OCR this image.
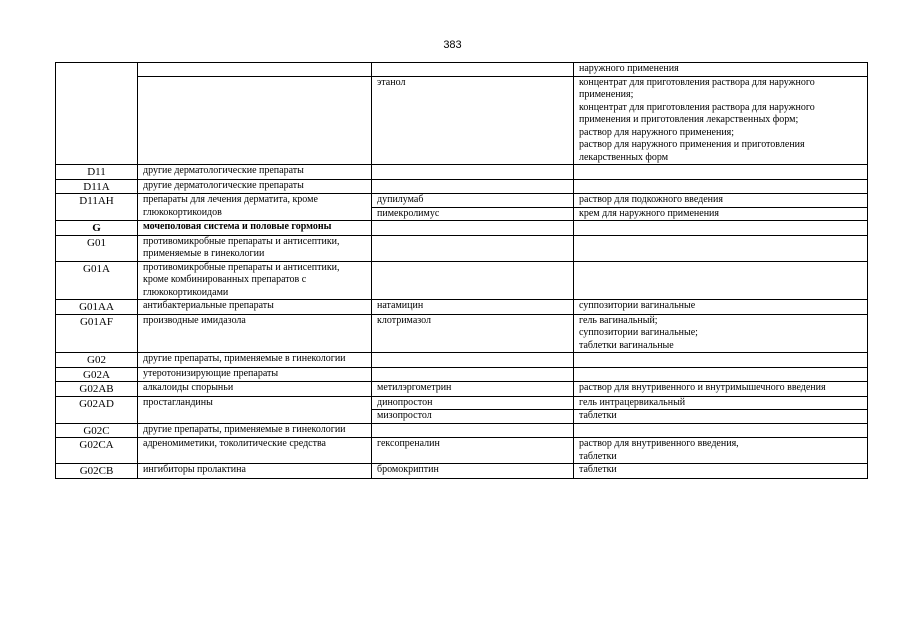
383

			наружного применения

		этанол	концентрат для приготовления раствора для наружного применения;
концентрат для приготовления раствора для наружного применения и приготовления лекарственных форм;
раствор для наружного применения;
раствор для наружного применения и приготовления лекарственных форм

D11	другие дерматологические препараты		
D11A	другие дерматологические препараты		
D11AH	препараты для лечения дерматита, кроме глюкокортикоидов	дупилумаб	раствор для подкожного введения

		пимекролимус	крем для наружного применения

G	мочеполовая система и половые гормоны		
G01	противомикробные препараты и антисептики, применяемые в гинекологии		
G01A	противомикробные препараты и антисептики, кроме комбинированных препаратов с глюкокортикоидами		
G01AA	антибактериальные препараты	натамицин	суппозитории вагинальные

G01AF	производные имидазола	клотримазол	гель вагинальный;
суппозитории вагинальные;
таблетки вагинальные

G02	другие препараты, применяемые в гинекологии		
G02A	утеротонизирующие препараты		
G02AB	алкалоиды спорыньи	метилэргометрин	раствор для внутривенного и внутримышечного введения

G02AD	простагландины	динопростон	гель интрацервикальный

		мизопростол	таблетки

G02C	другие препараты, применяемые в гинекологии		
G02CA	адреномиметики, токолитические средства	гексопреналин	раствор для внутривенного введения,
таблетки

G02CB	ингибиторы пролактина	бромокриптин	таблетки
